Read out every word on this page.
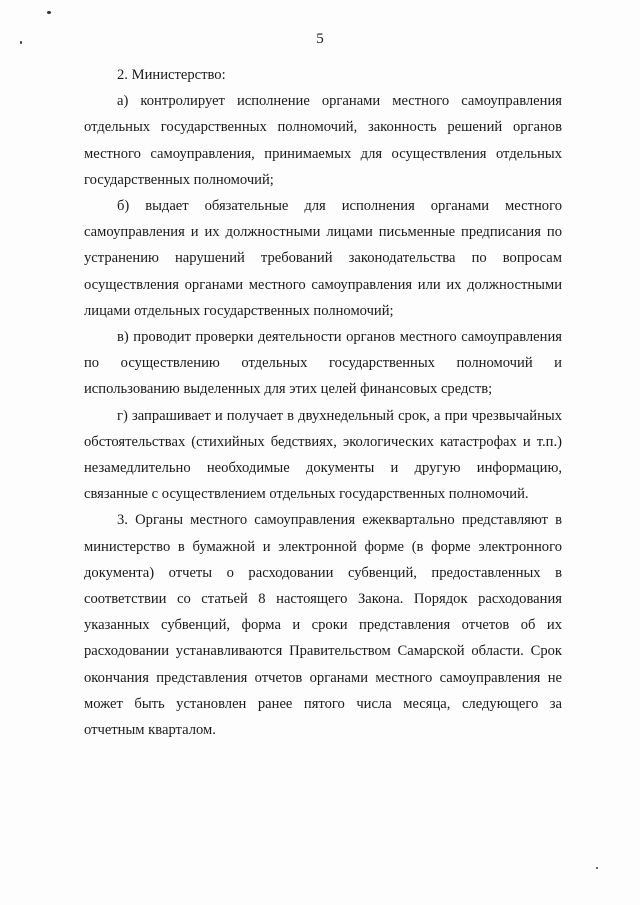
5

2. Министерство:

а) контролирует исполнение органами местного самоуправления отдельных государственных полномочий, законность решений органов местного самоуправления, принимаемых для осуществления отдельных государственных полномочий;

б) выдает обязательные для исполнения органами местного самоуправления и их должностными лицами письменные предписания по устранению нарушений требований законодательства по вопросам осуществления органами местного самоуправления или их должностными лицами отдельных государственных полномочий;

в) проводит проверки деятельности органов местного самоуправления по осуществлению отдельных государственных полномочий и использованию выделенных для этих целей финансовых средств;

г) запрашивает и получает в двухнедельный срок, а при чрезвычайных обстоятельствах (стихийных бедствиях, экологических катастрофах и т.п.) незамедлительно необходимые документы и другую информацию, связанные с осуществлением отдельных государственных полномочий.

3. Органы местного самоуправления ежеквартально представляют в министерство в бумажной и электронной форме (в форме электронного документа) отчеты о расходовании субвенций, предоставленных в соответствии со статьей 8 настоящего Закона. Порядок расходования указанных субвенций, форма и сроки представления отчетов об их расходовании устанавливаются Правительством Самарской области. Срок окончания представления отчетов органами местного самоуправления не может быть установлен ранее пятого числа месяца, следующего за отчетным кварталом.
